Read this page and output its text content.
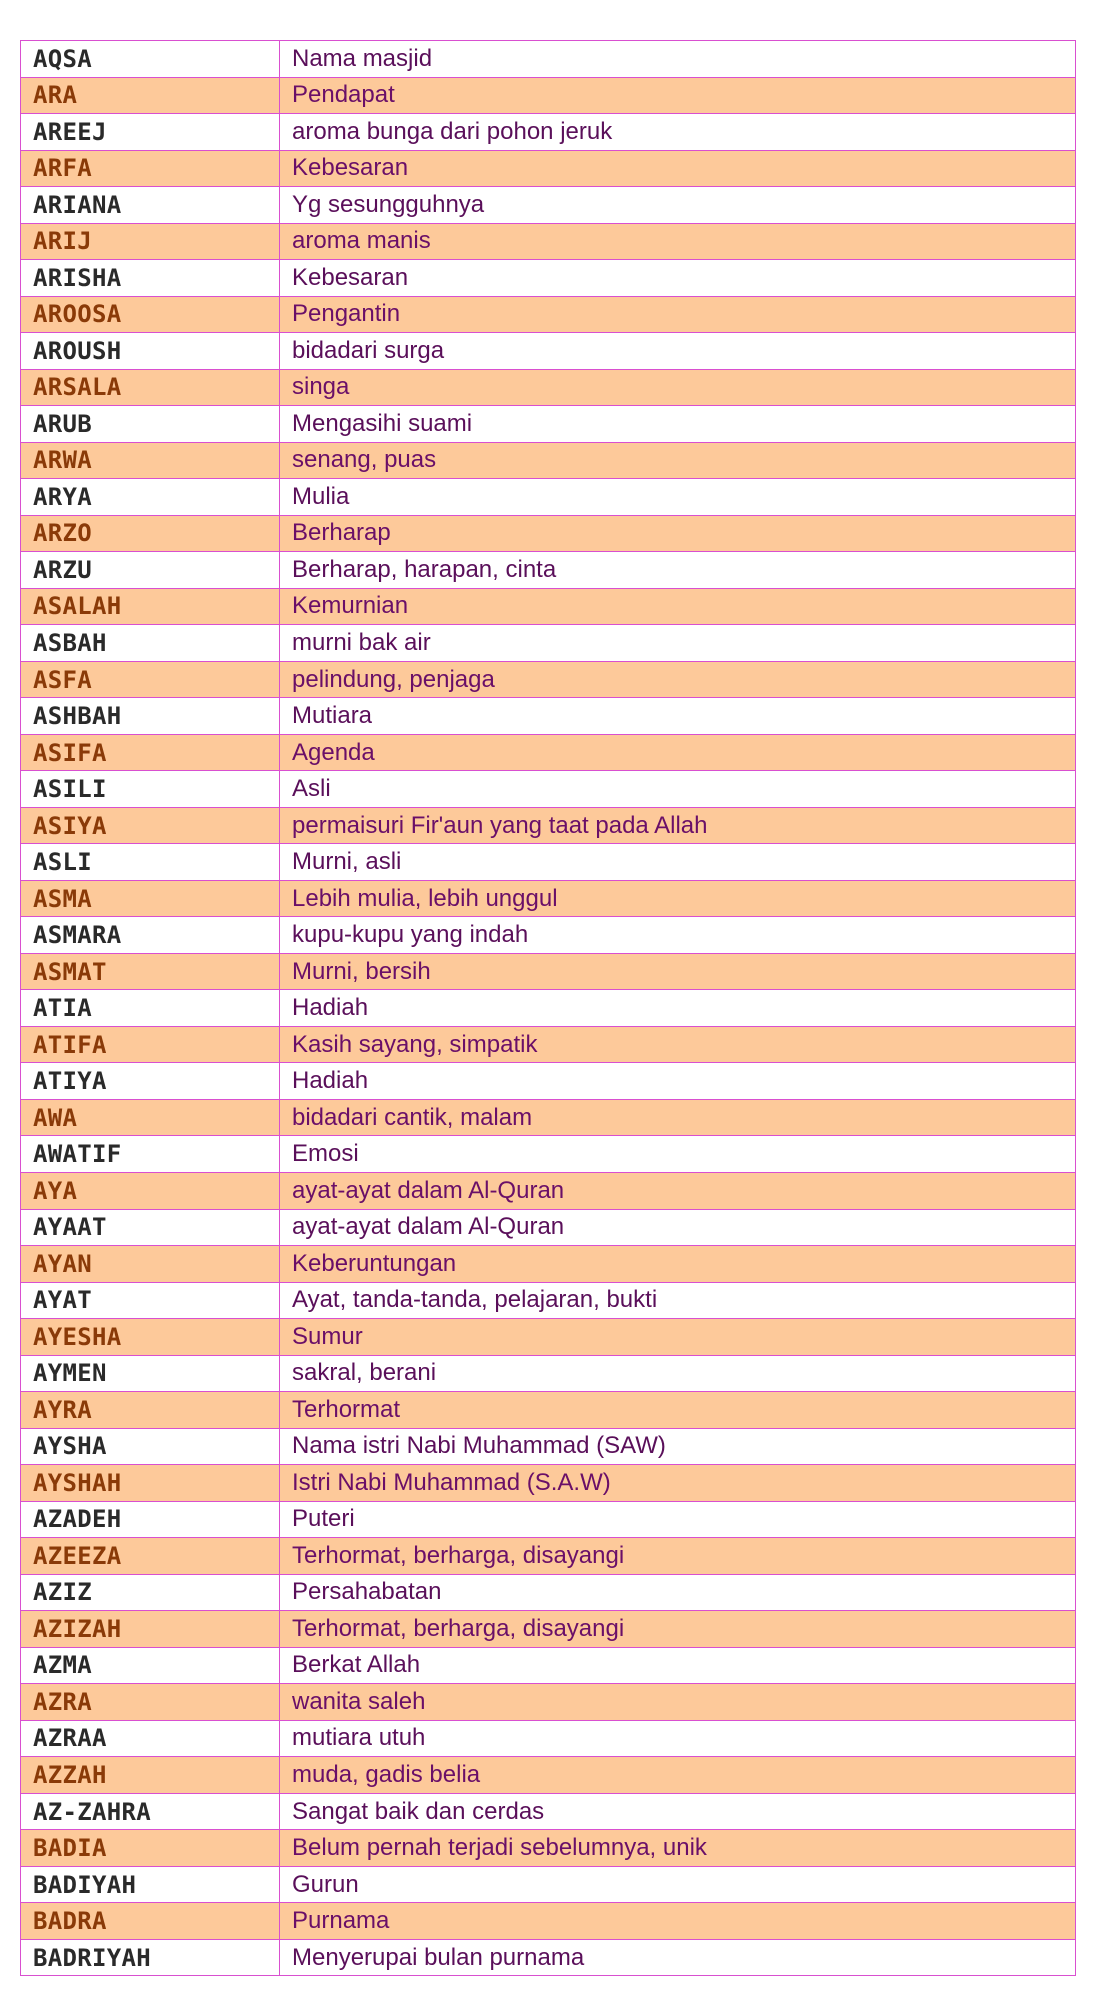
AQSA	Nama masjid
ARA	Pendapat
AREEJ	aroma bunga dari pohon jeruk
ARFA	Kebesaran
ARIANA	Yg sesungguhnya
ARIJ	aroma manis
ARISHA	Kebesaran
AROOSA	Pengantin
AROUSH	bidadari surga
ARSALA	singa
ARUB	Mengasihi suami
ARWA	senang, puas
ARYA	Mulia
ARZO	Berharap
ARZU	Berharap, harapan, cinta
ASALAH	Kemurnian
ASBAH	murni bak air
ASFA	pelindung, penjaga
ASHBAH	Mutiara
ASIFA	Agenda
ASILI	Asli
ASIYA	permaisuri Fir'aun yang taat pada Allah
ASLI	Murni, asli
ASMA	Lebih mulia, lebih unggul
ASMARA	kupu-kupu yang indah
ASMAT	Murni, bersih
ATIA	Hadiah
ATIFA	Kasih sayang, simpatik
ATIYA	Hadiah
AWA	bidadari cantik, malam
AWATIF	Emosi
AYA	ayat-ayat dalam Al-Quran
AYAAT	ayat-ayat dalam Al-Quran
AYAN	Keberuntungan
AYAT	Ayat, tanda-tanda, pelajaran, bukti
AYESHA	Sumur
AYMEN	sakral, berani
AYRA	Terhormat
AYSHA	Nama istri Nabi Muhammad (SAW)
AYSHAH	Istri Nabi Muhammad (S.A.W)
AZADEH	Puteri
AZEEZA	Terhormat, berharga, disayangi
AZIZ	Persahabatan
AZIZAH	Terhormat, berharga, disayangi
AZMA	Berkat Allah
AZRA	wanita saleh
AZRAA	mutiara utuh
AZZAH	muda, gadis belia
AZ-ZAHRA	Sangat baik dan cerdas
BADIA	Belum pernah terjadi sebelumnya, unik
BADIYAH	Gurun
BADRA	Purnama
BADRIYAH	Menyerupai bulan purnama
